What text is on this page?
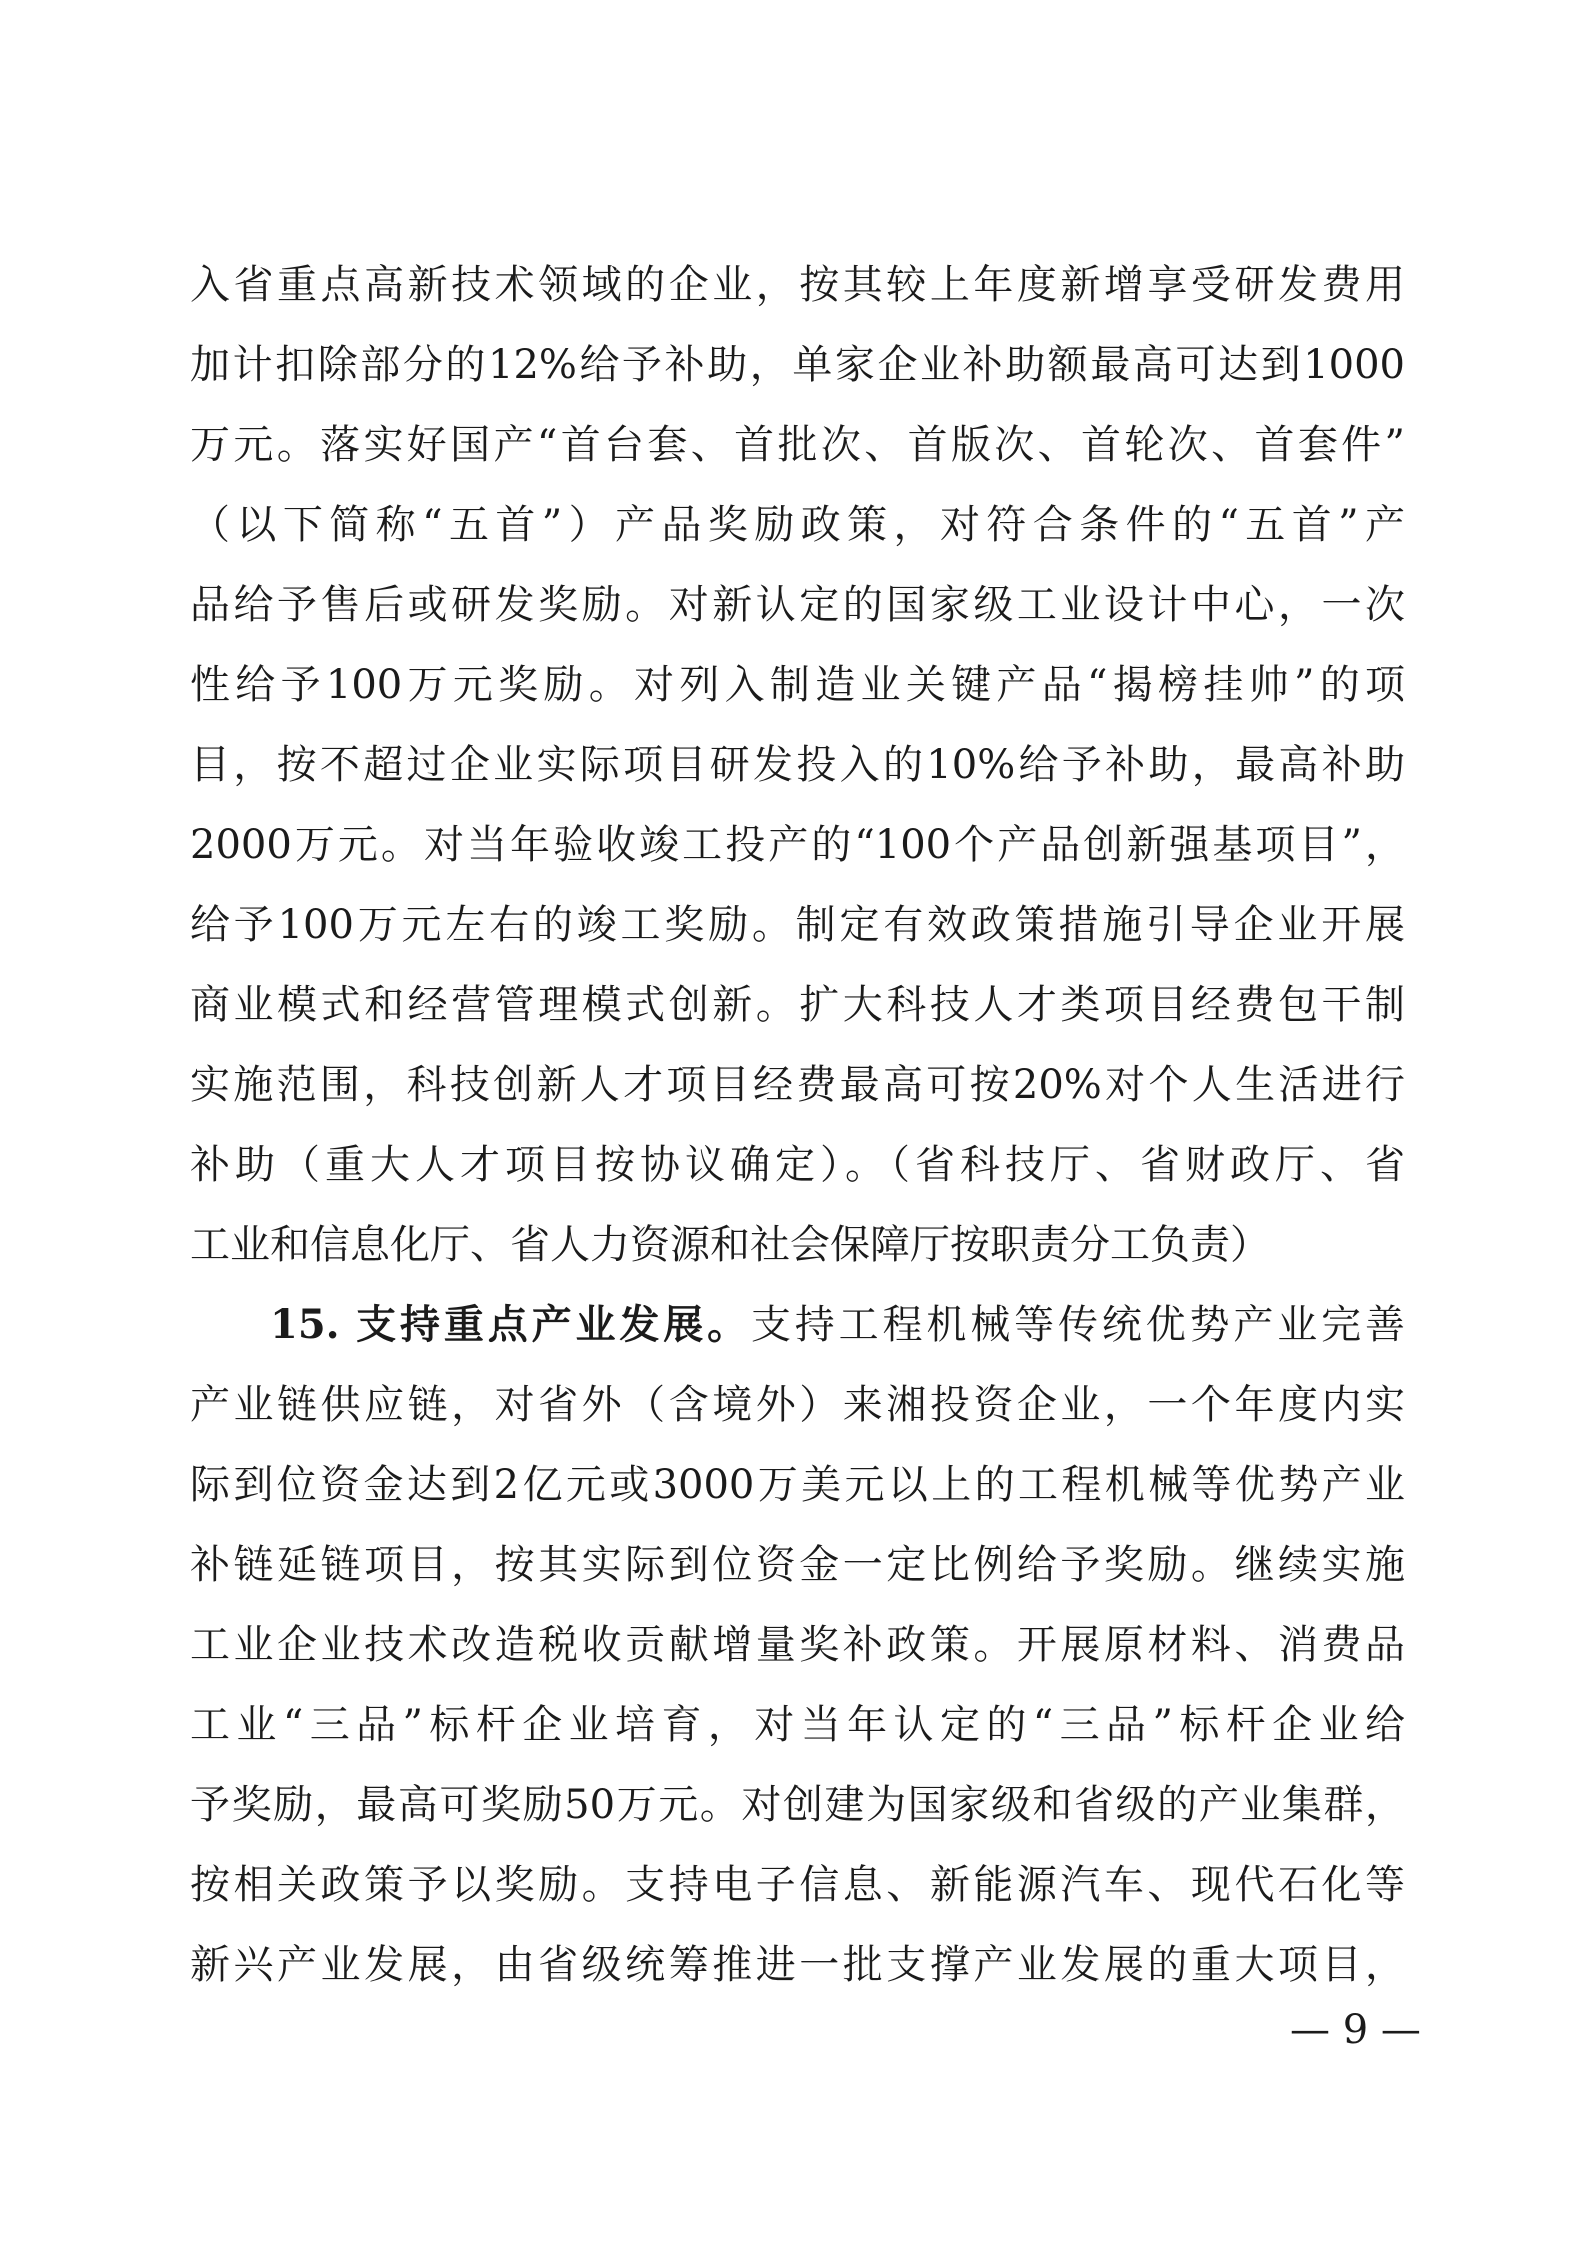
入省重点高新技术领域的企业，按其较上年度新增享受研发费用
加计扣除部分的12%给予补助，单家企业补助额最高可达到1000
万元。落实好国产“首台套、首批次、首版次、首轮次、首套件”
（以下简称“五首”）产品奖励政策，对符合条件的“五首”产
品给予售后或研发奖励。对新认定的国家级工业设计中心，一次
性给予100万元奖励。对列入制造业关键产品“揭榜挂帅”的项
目，按不超过企业实际项目研发投入的10%给予补助，最高补助
2000万元。对当年验收竣工投产的“100个产品创新强基项目”，
给予100万元左右的竣工奖励。制定有效政策措施引导企业开展
商业模式和经营管理模式创新。扩大科技人才类项目经费包干制
实施范围，科技创新人才项目经费最高可按20%对个人生活进行
补助（重大人才项目按协议确定）。（省科技厅、省财政厅、省
工业和信息化厅、省人力资源和社会保障厅按职责分工负责）
15. 支持重点产业发展。支持工程机械等传统优势产业完善
产业链供应链，对省外（含境外）来湘投资企业，一个年度内实
际到位资金达到2亿元或3000万美元以上的工程机械等优势产业
补链延链项目，按其实际到位资金一定比例给予奖励。继续实施
工业企业技术改造税收贡献增量奖补政策。开展原材料、消费品
工业“三品”标杆企业培育，对当年认定的“三品”标杆企业给
予奖励，最高可奖励50万元。对创建为国家级和省级的产业集群，
按相关政策予以奖励。支持电子信息、新能源汽车、现代石化等
新兴产业发展，由省级统筹推进一批支撑产业发展的重大项目，
— 9 —
